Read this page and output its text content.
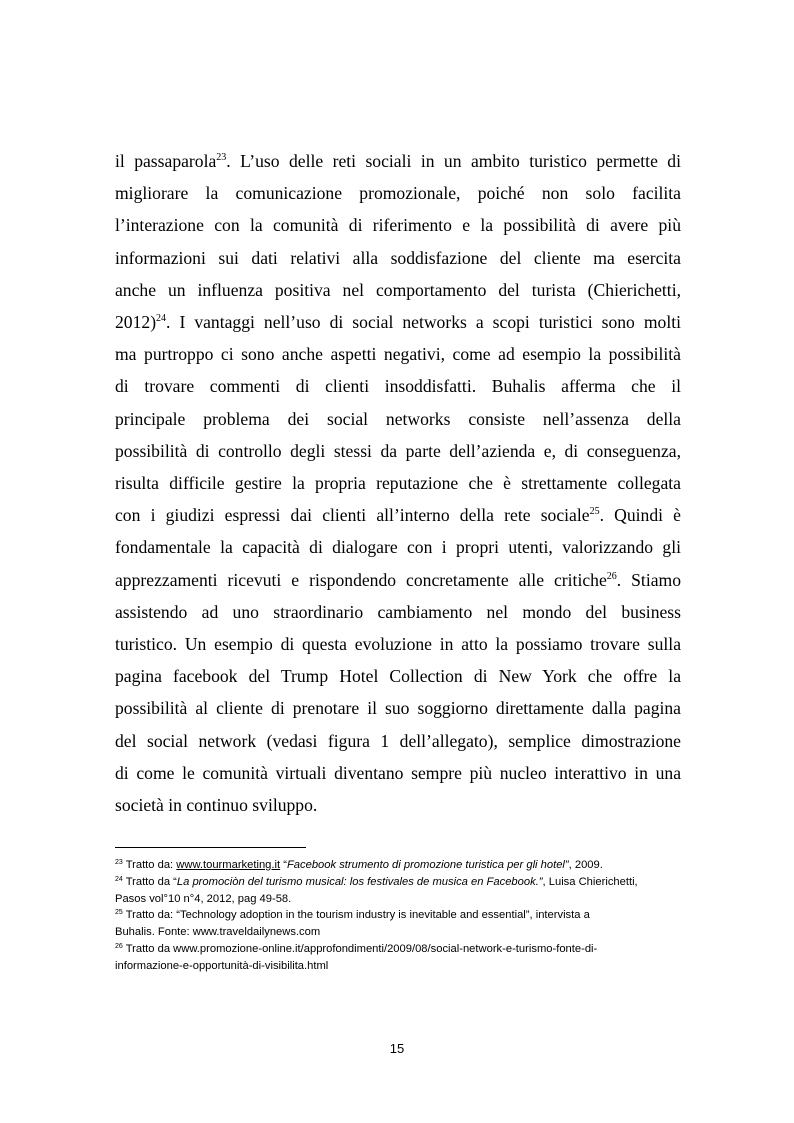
il passaparola$^{23}$. L’uso delle reti sociali in un ambito turistico permette di
migliorare la comunicazione promozionale, poiché non solo facilita
l’interazione con la comunità di riferimento e la possibilità di avere più
informazioni sui dati relativi alla soddisfazione del cliente ma esercita
anche un influenza positiva nel comportamento del turista (Chierichetti,
2012)$^{24}$. I vantaggi nell’uso di social networks a scopi turistici sono molti
ma purtroppo ci sono anche aspetti negativi, come ad esempio la possibilità
di trovare commenti di clienti insoddisfatti. Buhalis afferma che il
principale problema dei social networks consiste nell’assenza della
possibilità di controllo degli stessi da parte dell’azienda e, di conseguenza,
risulta difficile gestire la propria reputazione che è strettamente collegata
con i giudizi espressi dai clienti all’interno della rete sociale$^{25}$. Quindi è
fondamentale la capacità di dialogare con i propri utenti, valorizzando gli
apprezzamenti ricevuti e rispondendo concretamente alle critiche$^{26}$. Stiamo
assistendo ad uno straordinario cambiamento nel mondo del business
turistico. Un esempio di questa evoluzione in atto la possiamo trovare sulla
pagina facebook del Trump Hotel Collection di New York che offre la
possibilità al cliente di prenotare il suo soggiorno direttamente dalla pagina
del social network (vedasi figura 1 dell’allegato), semplice dimostrazione
di come le comunità virtuali diventano sempre più nucleo interattivo in una
società in continuo sviluppo.
$^{23}$ Tratto da: www.tourmarketing.it “Facebook strumento di promozione turistica per gli hotel”, 2009.
$^{24}$ Tratto da “La promociòn del turismo musical: los festivales de musica en Facebook.”, Luisa Chierichetti,
Pasos vol°10 n°4, 2012, pag 49-58.
$^{25}$ Tratto da: “Technology adoption in the tourism industry is inevitable and essential”, intervista a
Buhalis. Fonte: www.traveldailynews.com
$^{26}$ Tratto da www.promozione-online.it/approfondimenti/2009/08/social-network-e-turismo-fonte-di-
informazione-e-opportunità-di-visibilita.html
15
